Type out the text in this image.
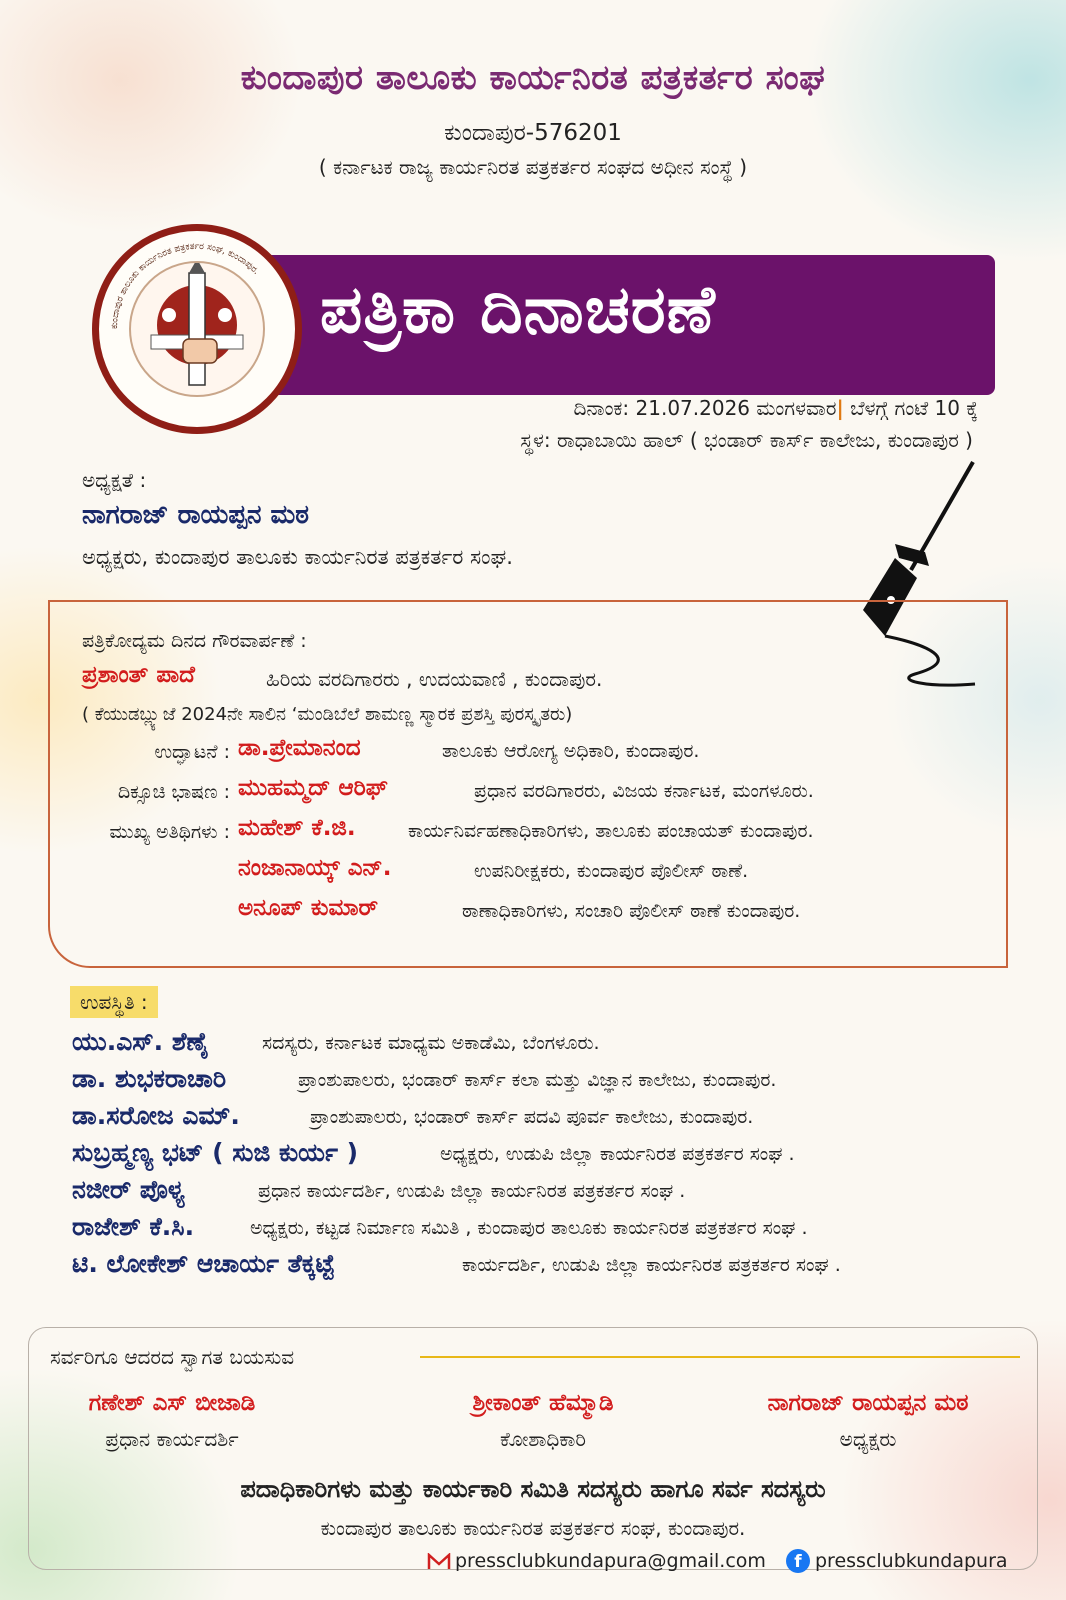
ಕುಂದಾಪುರ ತಾಲೂಕು ಕಾರ್ಯನಿರತ ಪತ್ರಕರ್ತರ ಸಂಘ
ಕುಂದಾಪುರ-576201
( ಕರ್ನಾಟಕ ರಾಜ್ಯ ಕಾರ್ಯನಿರತ ಪತ್ರಕರ್ತರ ಸಂಘದ ಅಧೀನ ಸಂಸ್ಥೆ )
ಪತ್ರಿಕಾ ದಿನಾಚರಣೆ
ಕುಂದಾಪುರ ತಾಲೂಕು ಕಾರ್ಯನಿರತ ಪತ್ರಕರ್ತರ ಸಂಘ, ಕುಂದಾಪುರ.
ದಿನಾಂಕ: 21.07.2026 ಮಂಗಳವಾರ| ಬೆಳಗ್ಗೆ ಗಂಟೆ 10 ಕ್ಕೆ
ಸ್ಥಳ: ರಾಧಾಬಾಯಿ ಹಾಲ್ ( ಭಂಡಾರ್ ಕಾರ್ಸ್ ಕಾಲೇಜು, ಕುಂದಾಪುರ )
ಅಧ್ಯಕ್ಷತೆ :
ನಾಗರಾಜ್ ರಾಯಪ್ಪನ ಮಠ
ಅಧ್ಯಕ್ಷರು, ಕುಂದಾಪುರ ತಾಲೂಕು ಕಾರ್ಯನಿರತ ಪತ್ರಕರ್ತರ ಸಂಘ.
ಪತ್ರಿಕೋದ್ಯಮ ದಿನದ ಗೌರವಾರ್ಪಣೆ :
ಪ್ರಶಾಂತ್ ಪಾದೆ	ಹಿರಿಯ ವರದಿಗಾರರು , ಉದಯವಾಣಿ , ಕುಂದಾಪುರ.
( ಕೆಯುಡಬ್ಲ್ಯುಜೆ 2024ನೇ ಸಾಲಿನ ‘ಮಂಡಿಬೆಲೆ ಶಾಮಣ್ಣ ಸ್ಮಾರಕ ಪ್ರಶಸ್ತಿ ಪುರಸ್ಕೃತರು)
ಉದ್ಘಾಟನೆ : ಡಾ.ಪ್ರೇಮಾನಂದ	ತಾಲೂಕು ಆರೋಗ್ಯ ಅಧಿಕಾರಿ, ಕುಂದಾಪುರ.
ದಿಕ್ಸೂಚಿ ಭಾಷಣ : ಮುಹಮ್ಮದ್ ಆರಿಫ್	ಪ್ರಧಾನ ವರದಿಗಾರರು, ವಿಜಯ ಕರ್ನಾಟಕ, ಮಂಗಳೂರು.
ಮುಖ್ಯ ಅತಿಥಿಗಳು : ಮಹೇಶ್ ಕೆ.ಜಿ.	ಕಾರ್ಯನಿರ್ವಹಣಾಧಿಕಾರಿಗಳು, ತಾಲೂಕು ಪಂಚಾಯತ್ ಕುಂದಾಪುರ.
ನಂಜಾನಾಯ್ಕ್ ಎನ್.	ಉಪನಿರೀಕ್ಷಕರು, ಕುಂದಾಪುರ ಪೊಲೀಸ್ ಠಾಣೆ.
ಅನೂಪ್ ಕುಮಾರ್	ಠಾಣಾಧಿಕಾರಿಗಳು, ಸಂಚಾರಿ ಪೊಲೀಸ್ ಠಾಣೆ ಕುಂದಾಪುರ.
ಉಪಸ್ಥಿತಿ :
ಯು.ಎಸ್. ಶೆಣೈ	ಸದಸ್ಯರು, ಕರ್ನಾಟಕ ಮಾಧ್ಯಮ ಅಕಾಡೆಮಿ, ಬೆಂಗಳೂರು.
ಡಾ. ಶುಭಕರಾಚಾರಿ	ಪ್ರಾಂಶುಪಾಲರು, ಭಂಡಾರ್ ಕಾರ್ಸ್ ಕಲಾ ಮತ್ತು ವಿಜ್ಞಾನ ಕಾಲೇಜು, ಕುಂದಾಪುರ.
ಡಾ.ಸರೋಜ ಎಮ್.	ಪ್ರಾಂಶುಪಾಲರು, ಭಂಡಾರ್ ಕಾರ್ಸ್ ಪದವಿ ಪೂರ್ವ ಕಾಲೇಜು, ಕುಂದಾಪುರ.
ಸುಬ್ರಹ್ಮಣ್ಯ ಭಟ್ ( ಸುಜಿ ಕುರ್ಯ )	ಅಧ್ಯಕ್ಷರು, ಉಡುಪಿ ಜಿಲ್ಲಾ ಕಾರ್ಯನಿರತ ಪತ್ರಕರ್ತರ ಸಂಘ .
ನಜೀರ್ ಪೊಳ್ಯ	ಪ್ರಧಾನ ಕಾರ್ಯದರ್ಶಿ, ಉಡುಪಿ ಜಿಲ್ಲಾ ಕಾರ್ಯನಿರತ ಪತ್ರಕರ್ತರ ಸಂಘ .
ರಾಜೇಶ್ ಕೆ.ಸಿ.	ಅಧ್ಯಕ್ಷರು, ಕಟ್ಟಡ ನಿರ್ಮಾಣ ಸಮಿತಿ , ಕುಂದಾಪುರ ತಾಲೂಕು ಕಾರ್ಯನಿರತ ಪತ್ರಕರ್ತರ ಸಂಘ .
ಟಿ. ಲೋಕೇಶ್ ಆಚಾರ್ಯ ತೆಕ್ಕಟ್ಟೆ	ಕಾರ್ಯದರ್ಶಿ, ಉಡುಪಿ ಜಿಲ್ಲಾ ಕಾರ್ಯನಿರತ ಪತ್ರಕರ್ತರ ಸಂಘ .
ಸರ್ವರಿಗೂ ಆದರದ ಸ್ವಾಗತ ಬಯಸುವ
ಗಣೇಶ್ ಎಸ್ ಬೀಜಾಡಿ
ಪ್ರಧಾನ ಕಾರ್ಯದರ್ಶಿ
ಶ್ರೀಕಾಂತ್ ಹೆಮ್ಮಾಡಿ
ಕೋಶಾಧಿಕಾರಿ
ನಾಗರಾಜ್ ರಾಯಪ್ಪನ ಮಠ
ಅಧ್ಯಕ್ಷರು
ಪದಾಧಿಕಾರಿಗಳು ಮತ್ತು ಕಾರ್ಯಕಾರಿ ಸಮಿತಿ ಸದಸ್ಯರು ಹಾಗೂ ಸರ್ವ ಸದಸ್ಯರು
ಕುಂದಾಪುರ ತಾಲೂಕು ಕಾರ್ಯನಿರತ ಪತ್ರಕರ್ತರ ಸಂಘ, ಕುಂದಾಪುರ.
pressclubkundapura@gmail.com	f pressclubkundapura
